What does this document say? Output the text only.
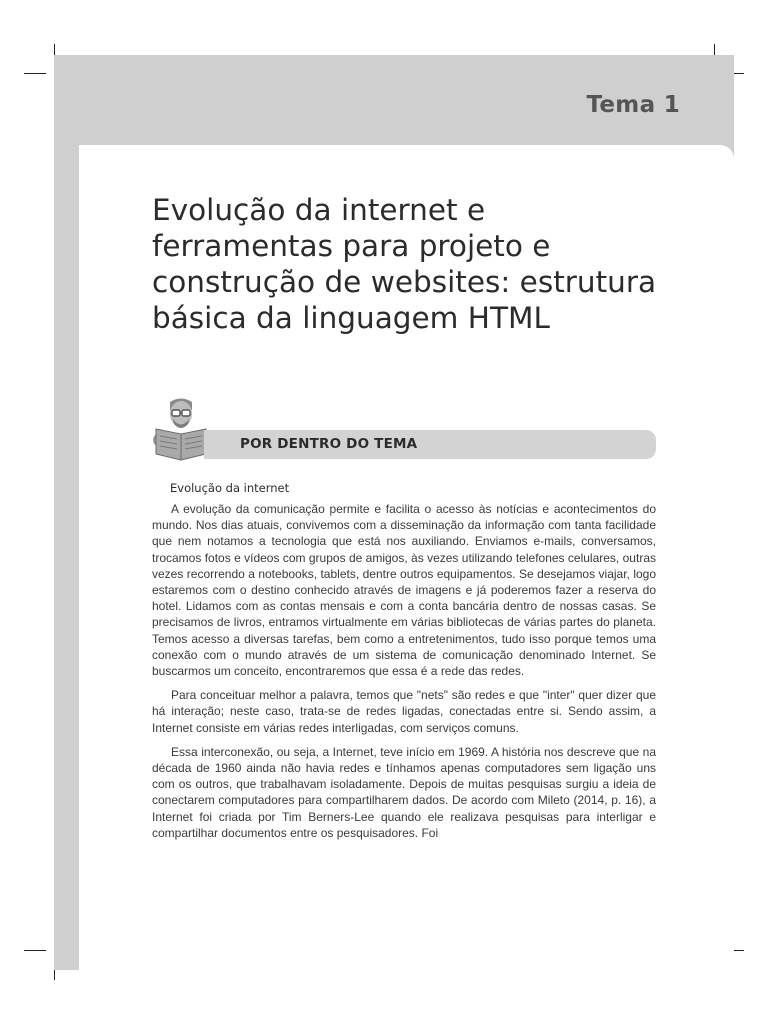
Tema 1
Evolução da internet e ferramentas para projeto e construção de websites: estrutura básica da linguagem HTML
POR DENTRO DO TEMA
Evolução da internet

A evolução da comunicação permite e facilita o acesso às notícias e acontecimentos do mundo. Nos dias atuais, convivemos com a disseminação da informação com tanta facilidade que nem notamos a tecnologia que está nos auxiliando. Enviamos e-mails, conversamos, trocamos fotos e vídeos com grupos de amigos, às vezes utilizando telefones celulares, outras vezes recorrendo a notebooks, tablets, dentre outros equipamentos. Se desejamos viajar, logo estaremos com o destino conhecido através de imagens e já poderemos fazer a reserva do hotel. Lidamos com as contas mensais e com a conta bancária dentro de nossas casas. Se precisamos de livros, entramos virtualmente em várias bibliotecas de várias partes do planeta. Temos acesso a diversas tarefas, bem como a entretenimentos, tudo isso porque temos uma conexão com o mundo através de um sistema de comunicação denominado Internet. Se buscarmos um conceito, encontraremos que essa é a rede das redes.

Para conceituar melhor a palavra, temos que "nets" são redes e que "inter" quer dizer que há interação; neste caso, trata-se de redes ligadas, conectadas entre si. Sendo assim, a Internet consiste em várias redes interligadas, com serviços comuns.

Essa interconexão, ou seja, a Internet, teve início em 1969. A história nos descreve que na década de 1960 ainda não havia redes e tínhamos apenas computadores sem ligação uns com os outros, que trabalhavam isoladamente. Depois de muitas pesquisas surgiu a ideia de conectarem computadores para compartilharem dados. De acordo com Mileto (2014, p. 16), a Internet foi criada por Tim Berners-Lee quando ele realizava pesquisas para interligar e compartilhar documentos entre os pesquisadores. Foi
